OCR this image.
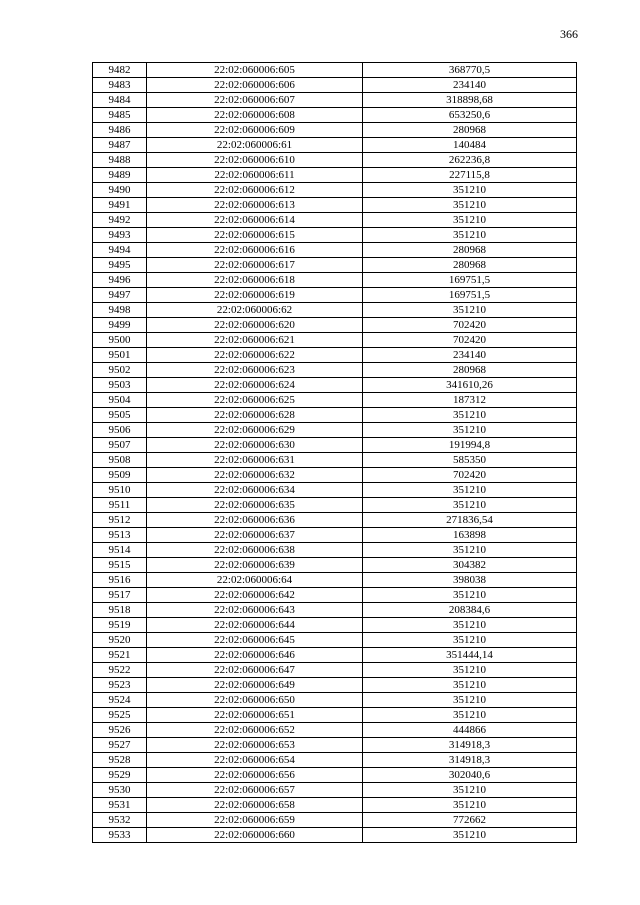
366
9482	22:02:060006:605	368770,5
9483	22:02:060006:606	234140
9484	22:02:060006:607	318898,68
9485	22:02:060006:608	653250,6
9486	22:02:060006:609	280968
9487	22:02:060006:61	140484
9488	22:02:060006:610	262236,8
9489	22:02:060006:611	227115,8
9490	22:02:060006:612	351210
9491	22:02:060006:613	351210
9492	22:02:060006:614	351210
9493	22:02:060006:615	351210
9494	22:02:060006:616	280968
9495	22:02:060006:617	280968
9496	22:02:060006:618	169751,5
9497	22:02:060006:619	169751,5
9498	22:02:060006:62	351210
9499	22:02:060006:620	702420
9500	22:02:060006:621	702420
9501	22:02:060006:622	234140
9502	22:02:060006:623	280968
9503	22:02:060006:624	341610,26
9504	22:02:060006:625	187312
9505	22:02:060006:628	351210
9506	22:02:060006:629	351210
9507	22:02:060006:630	191994,8
9508	22:02:060006:631	585350
9509	22:02:060006:632	702420
9510	22:02:060006:634	351210
9511	22:02:060006:635	351210
9512	22:02:060006:636	271836,54
9513	22:02:060006:637	163898
9514	22:02:060006:638	351210
9515	22:02:060006:639	304382
9516	22:02:060006:64	398038
9517	22:02:060006:642	351210
9518	22:02:060006:643	208384,6
9519	22:02:060006:644	351210
9520	22:02:060006:645	351210
9521	22:02:060006:646	351444,14
9522	22:02:060006:647	351210
9523	22:02:060006:649	351210
9524	22:02:060006:650	351210
9525	22:02:060006:651	351210
9526	22:02:060006:652	444866
9527	22:02:060006:653	314918,3
9528	22:02:060006:654	314918,3
9529	22:02:060006:656	302040,6
9530	22:02:060006:657	351210
9531	22:02:060006:658	351210
9532	22:02:060006:659	772662
9533	22:02:060006:660	351210
